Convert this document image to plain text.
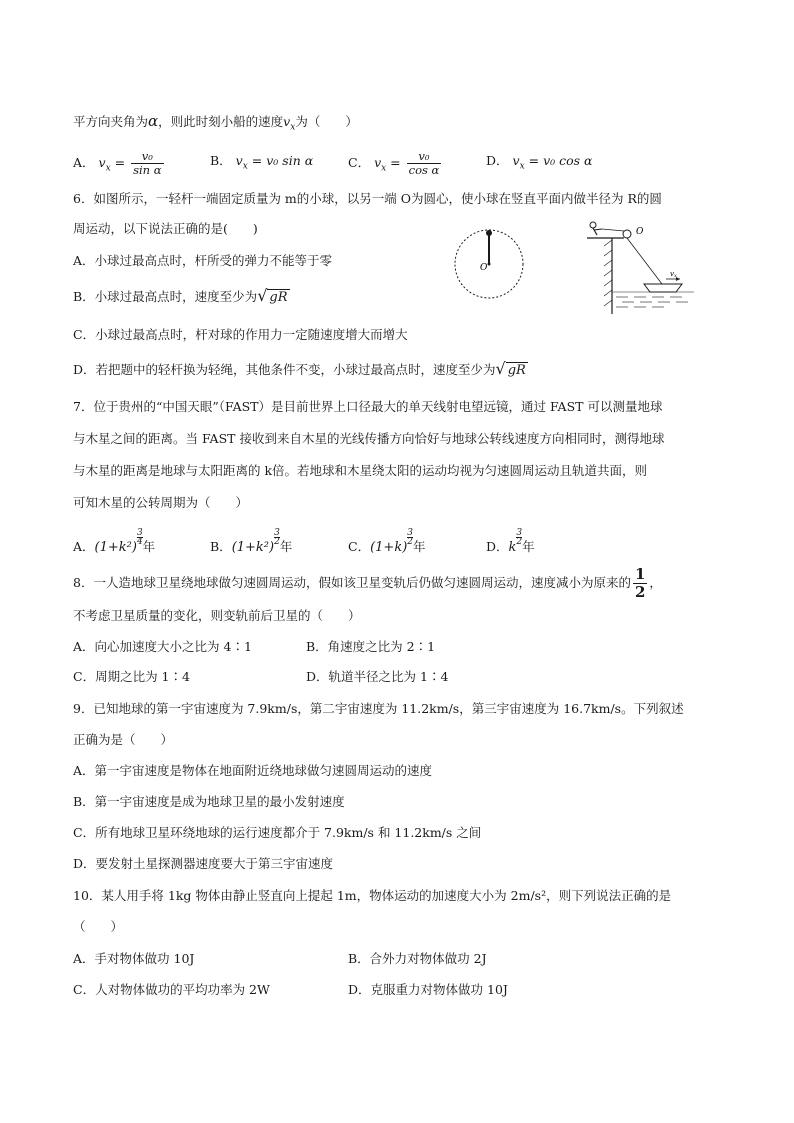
平方向夹角为α，则此时刻小船的速度$v_x$为（　　）
A． $v_x = \frac{\text{v₀}}{\text{sin α}}$	B． $v_x = v_0$ sin α	C． $v_x = \frac{\text{v₀}}{\text{cos α}}$	D． $v_x = v_0$ cos α
6．如图所示，一轻杆一端固定质量为 m的小球，以另一端 O为圆心，使小球在竖直平面内做半径为 R的圆
周运动，以下说法正确的是(　　)
A．小球过最高点时，杆所受的弹力不能等于零
B．小球过最高点时，速度至少为√ gR
C．小球过最高点时，杆对球的作用力一定随速度增大而增大
D．若把题中的轻杆换为轻绳，其他条件不变，小球过最高点时，速度至少为√ gR
O
O
v x
7．位于贵州的“中国天眼”（FAST）是目前世界上口径最大的单天线射电望远镜，通过 FAST 可以测量地球
与木星之间的距离。当 FAST 接收到来自木星的光线传播方向恰好与地球公转线速度方向相同时，测得地球
与木星的距离是地球与太阳距离的 k倍。若地球和木星绕太阳的运动均视为匀速圆周运动且轨道共面，则
可知木星的公转周期为（　　）
A．(1+k²)
$\frac{3}{4}$
年	B．(1+k²)
$\frac{3}{2}$
年	C．(1+k)
$\frac{3}{2}$
年	D．k
$\frac{3}{2}$
年
8．一人造地球卫星绕地球做匀速圆周运动，假如该卫星变轨后仍做匀速圆周运动，速度减小为原来的 $\frac{1}{2}$ ，
不考虑卫星质量的变化，则变轨前后卫星的（　　）
A．向心加速度大小之比为 4∶1	B．角速度之比为 2∶1
C．周期之比为 1∶4	D．轨道半径之比为 1∶4
9．已知地球的第一宇宙速度为 7.9km/s，第二宇宙速度为 11.2km/s，第三宇宙速度为 16.7km/s。下列叙述
正确为是（　　）
A．第一宇宙速度是物体在地面附近绕地球做匀速圆周运动的速度
B．第一宇宙速度是成为地球卫星的最小发射速度
C．所有地球卫星环绕地球的运行速度都介于 7.9km/s 和 11.2km/s 之间
D．要发射土星探测器速度要大于第三宇宙速度
10．某人用手将 1kg 物体由静止竖直向上提起 1m，物体运动的加速度大小为 2m/s²，则下列说法正确的是
（　　）
A．手对物体做功 10J	B．合外力对物体做功 2J
C．人对物体做功的平均功率为 2W	D．克服重力对物体做功 10J
